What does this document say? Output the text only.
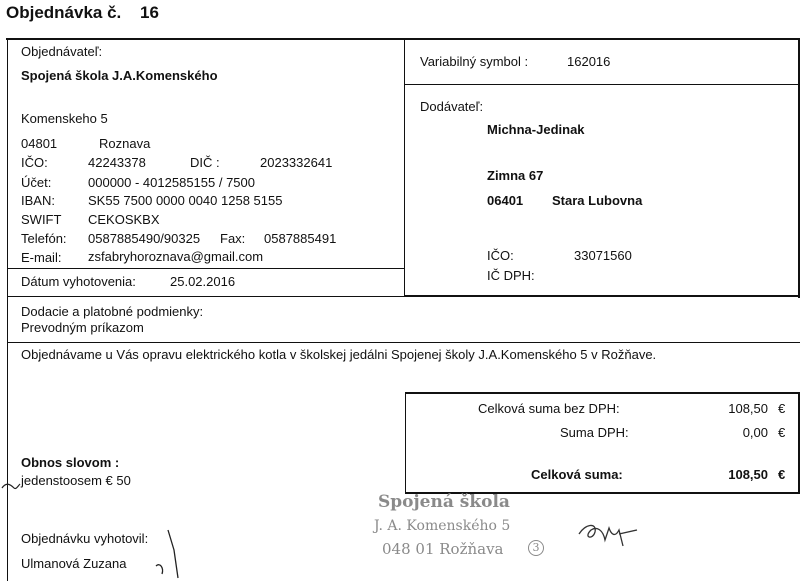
Objednávka č. 16
Objednávateľ:
Spojená škola J.A.Komenského
Komenskeho 5
04801	Roznava
IČO:	42243378	DIČ :	2023332641
Účet:	000000 - 4012585155 / 7500
IBAN:	SK55 7500 0000 0040 1258 5155
SWIFT CEKOSKBX
Telefón: 0587885490/90325 Fax: 0587885491
E-mail: zsfabryhoroznava@gmail.com
Dátum vyhotovenia:	25.02.2016
Variabilný symbol :	162016
Dodávateľ:
Michna-Jedinak
Zimna 67
06401 Stara Lubovna
IČO:	33071560
IČ DPH:
Dodacie a platobné podmienky:
Prevodným príkazom
Objednávame u Vás opravu elektrického kotla v školskej jedálni Spojenej školy J.A.Komenského 5 v Rožňave.
Celková suma bez DPH:	108,50 €
Suma DPH:	0,00 €
Celková suma:	108,50 €
Obnos slovom :
jedenstoosem € 50
Objednávku vyhotovil:
Ulmanová Zuzana
Spojená škola
J. A. Komenského 5
048 01 Rožňava	3
